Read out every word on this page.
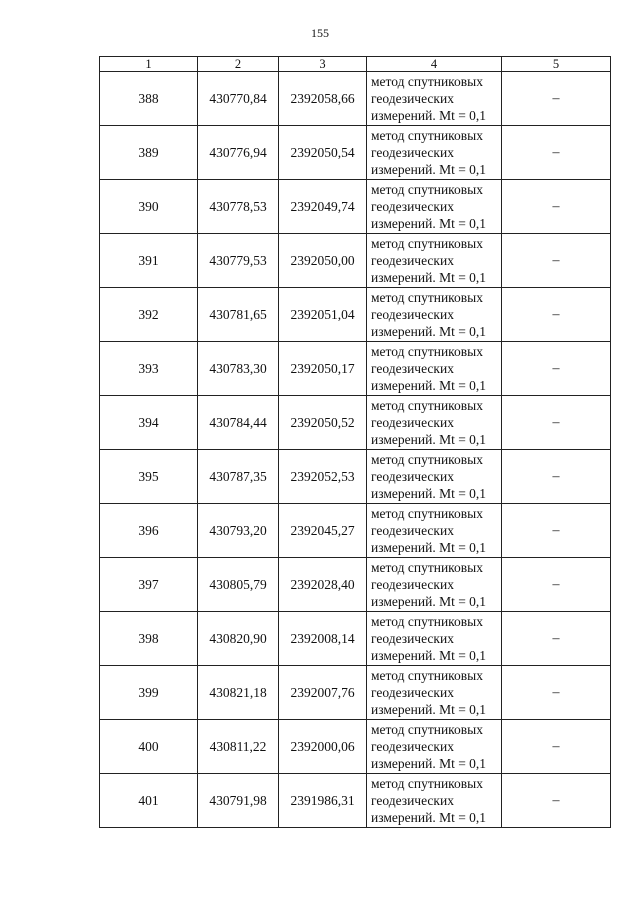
155
1	2	3	4	5
388	430770,84	2392058,66	метод спутниковых
геодезических
измерений. Mt = 0,1	–
389	430776,94	2392050,54	метод спутниковых
геодезических
измерений. Mt = 0,1	–
390	430778,53	2392049,74	метод спутниковых
геодезических
измерений. Mt = 0,1	–
391	430779,53	2392050,00	метод спутниковых
геодезических
измерений. Mt = 0,1	–
392	430781,65	2392051,04	метод спутниковых
геодезических
измерений. Mt = 0,1	–
393	430783,30	2392050,17	метод спутниковых
геодезических
измерений. Mt = 0,1	–
394	430784,44	2392050,52	метод спутниковых
геодезических
измерений. Mt = 0,1	–
395	430787,35	2392052,53	метод спутниковых
геодезических
измерений. Mt = 0,1	–
396	430793,20	2392045,27	метод спутниковых
геодезических
измерений. Mt = 0,1	–
397	430805,79	2392028,40	метод спутниковых
геодезических
измерений. Mt = 0,1	–
398	430820,90	2392008,14	метод спутниковых
геодезических
измерений. Mt = 0,1	–
399	430821,18	2392007,76	метод спутниковых
геодезических
измерений. Mt = 0,1	–
400	430811,22	2392000,06	метод спутниковых
геодезических
измерений. Mt = 0,1	–
401	430791,98	2391986,31	метод спутниковых
геодезических
измерений. Mt = 0,1	–
